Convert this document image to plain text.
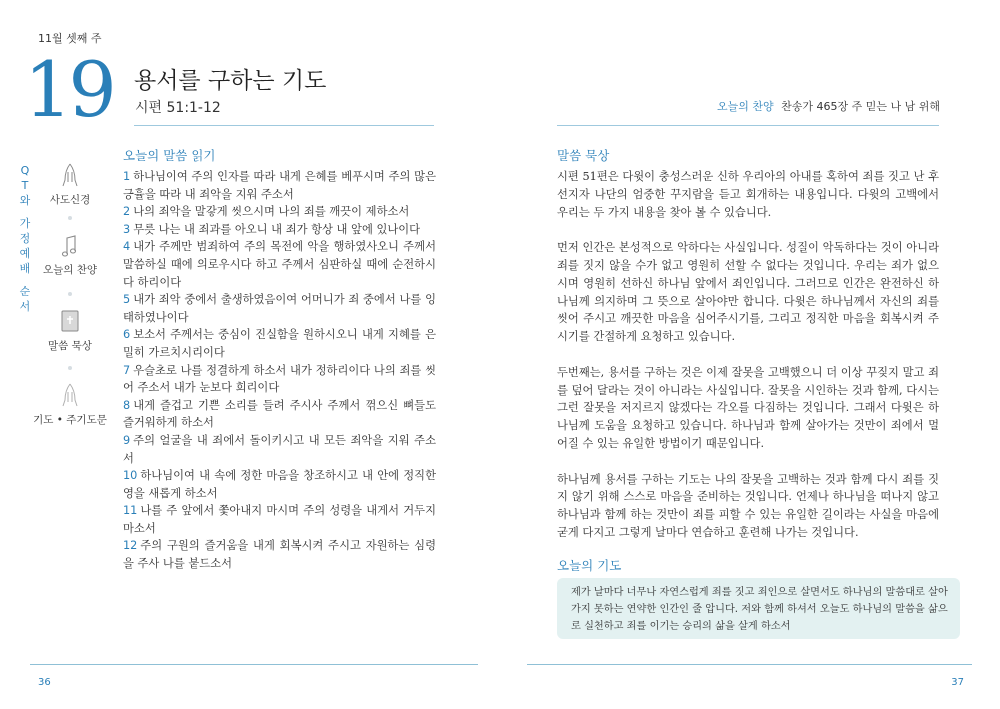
11월 셋째 주
19 용서를 구하는 기도
시편 51:1-12	오늘의 찬양 찬송가 465장 주 믿는 나 남 위해
Q
T
와
가
정
예
배
순
서
사도신경
오늘의 찬양
말씀 묵상
기도 • 주기도문
오늘의 말씀 읽기

1 하나님이여 주의 인자를 따라 내게 은혜를 베푸시며 주의 많은 긍휼을 따라 내 죄악을 지워 주소서

2 나의 죄악을 말갛게 씻으시며 나의 죄를 깨끗이 제하소서

3 무릇 나는 내 죄과를 아오니 내 죄가 항상 내 앞에 있나이다

4 내가 주께만 범죄하여 주의 목전에 악을 행하였사오니 주께서 말씀하실 때에 의로우시다 하고 주께서 심판하실 때에 순전하시다 하리이다

5 내가 죄악 중에서 출생하였음이여 어머니가 죄 중에서 나를 잉태하였나이다

6 보소서 주께서는 중심이 진실함을 원하시오니 내게 지혜를 은밀히 가르치시리이다

7 우슬초로 나를 정결하게 하소서 내가 정하리이다 나의 죄를 씻어 주소서 내가 눈보다 희리이다

8 내게 즐겁고 기쁜 소리를 들려 주시사 주께서 꺾으신 뼈들도 즐거워하게 하소서

9 주의 얼굴을 내 죄에서 돌이키시고 내 모든 죄악을 지워 주소서

10 하나님이여 내 속에 정한 마음을 창조하시고 내 안에 정직한 영을 새롭게 하소서

11 나를 주 앞에서 쫓아내지 마시며 주의 성령을 내게서 거두지 마소서

12 주의 구원의 즐거움을 내게 회복시켜 주시고 자원하는 심령을 주사 나를 붙드소서

말씀 묵상

시편 51편은 다윗이 충성스러운 신하 우리아의 아내를 혹하여 죄를 짓고 난 후 선지자 나단의 엄중한 꾸지람을 듣고 회개하는 내용입니다. 다윗의 고백에서 우리는 두 가지 내용을 찾아 볼 수 있습니다.

먼저 인간은 본성적으로 악하다는 사실입니다. 성질이 악독하다는 것이 아니라 죄를 짓지 않을 수가 없고 영원히 선할 수 없다는 것입니다. 우리는 죄가 없으시며 영원히 선하신 하나님 앞에서 죄인입니다. 그러므로 인간은 완전하신 하나님께 의지하며 그 뜻으로 살아야만 합니다. 다윗은 하나님께서 자신의 죄를 씻어 주시고 깨끗한 마음을 심어주시기를, 그리고 정직한 마음을 회복시켜 주시기를 간절하게 요청하고 있습니다.

두번째는, 용서를 구하는 것은 이제 잘못을 고백했으니 더 이상 꾸짖지 말고 죄를 덮어 달라는 것이 아니라는 사실입니다. 잘못을 시인하는 것과 함께, 다시는 그런 잘못을 저지르지 않겠다는 각오를 다짐하는 것입니다. 그래서 다윗은 하나님께 도움을 요청하고 있습니다. 하나님과 함께 살아가는 것만이 죄에서 멀어질 수 있는 유일한 방법이기 때문입니다.

하나님께 용서를 구하는 기도는 나의 잘못을 고백하는 것과 함께 다시 죄를 짓지 않기 위해 스스로 마음을 준비하는 것입니다. 언제나 하나님을 떠나지 않고 하나님과 함께 하는 것만이 죄를 피할 수 있는 유일한 길이라는 사실을 마음에 굳게 다지고 그렇게 날마다 연습하고 훈련해 나가는 것입니다.

오늘의 기도
제가 날마다 너무나 자연스럽게 죄를 짓고 죄인으로 살면서도 하나님의 말씀대로 살아가지 못하는 연약한 인간인 줄 압니다. 저와 함께 하셔서 오늘도 하나님의 말씀을 삶으로 실천하고 죄를 이기는 승리의 삶을 살게 하소서
36	37
